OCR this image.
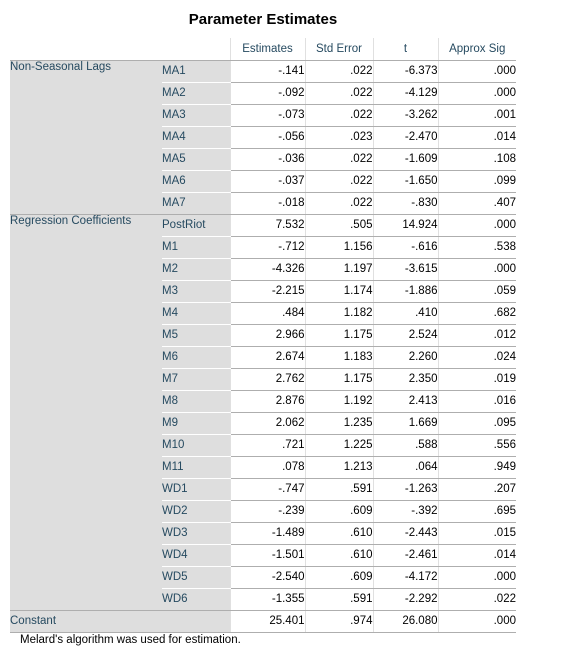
Parameter Estimates
		Estimates	Std Error	t	Approx Sig
Non-Seasonal Lags	MA1	-.141	.022	-6.373	.000
	MA2	-.092	.022	-4.129	.000
	MA3	-.073	.022	-3.262	.001
	MA4	-.056	.023	-2.470	.014
	MA5	-.036	.022	-1.609	.108
	MA6	-.037	.022	-1.650	.099
	MA7	-.018	.022	-.830	.407
Regression Coefficients	PostRiot	7.532	.505	14.924	.000
	M1	-.712	1.156	-.616	.538
	M2	-4.326	1.197	-3.615	.000
	M3	-2.215	1.174	-1.886	.059
	M4	.484	1.182	.410	.682
	M5	2.966	1.175	2.524	.012
	M6	2.674	1.183	2.260	.024
	M7	2.762	1.175	2.350	.019
	M8	2.876	1.192	2.413	.016
	M9	2.062	1.235	1.669	.095
	M10	.721	1.225	.588	.556
	M11	.078	1.213	.064	.949
	WD1	-.747	.591	-1.263	.207
	WD2	-.239	.609	-.392	.695
	WD3	-1.489	.610	-2.443	.015
	WD4	-1.501	.610	-2.461	.014
	WD5	-2.540	.609	-4.172	.000
	WD6	-1.355	.591	-2.292	.022
Constant		25.401	.974	26.080	.000
Melard's algorithm was used for estimation.
